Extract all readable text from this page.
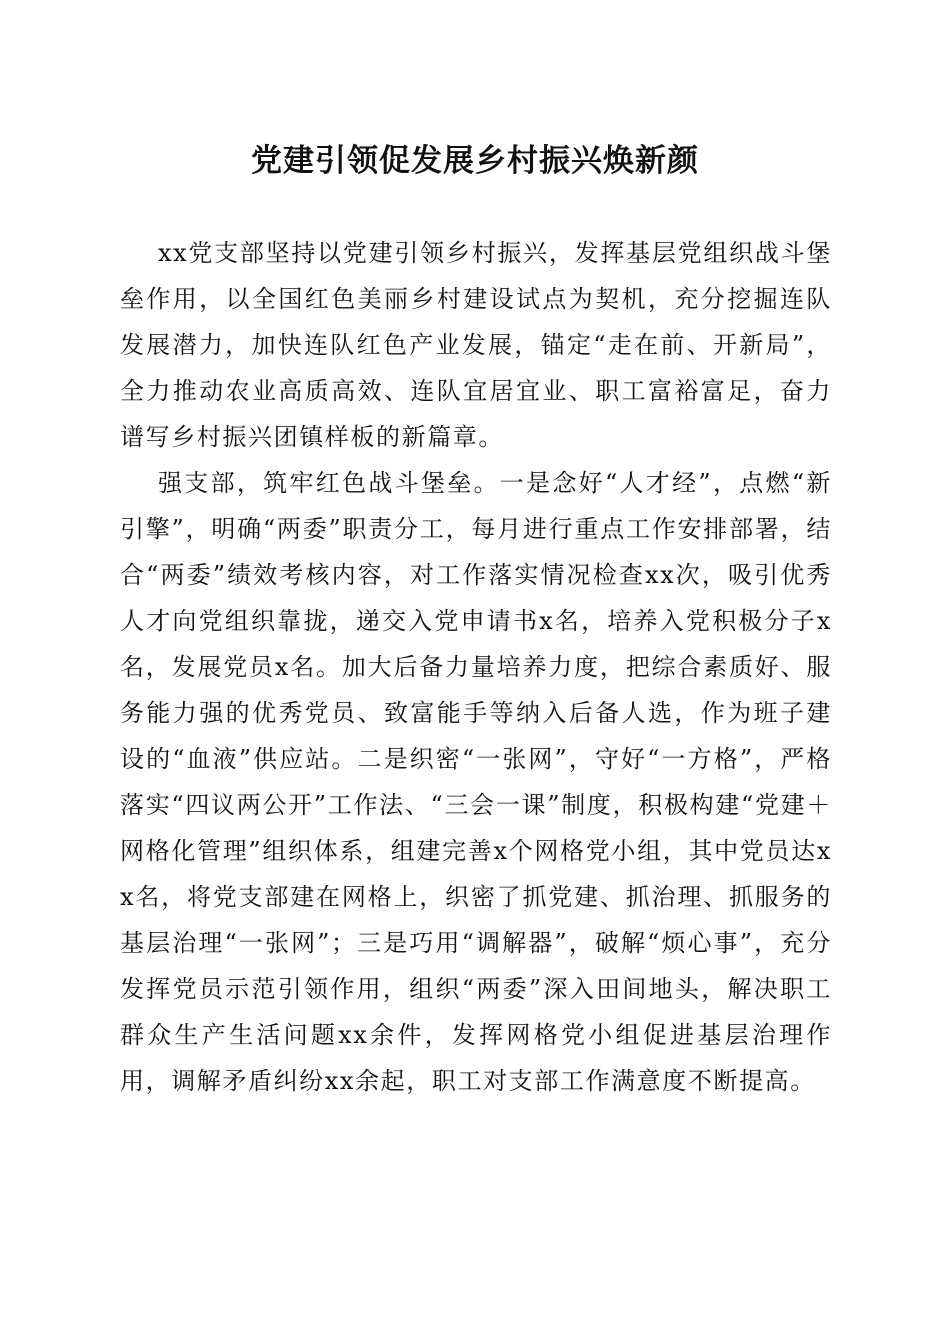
党建引领促发展乡村振兴焕新颜

xx党支部坚持以党建引领乡村振兴，发挥基层党组织战斗堡垒作用，以全国红色美丽乡村建设试点为契机，充分挖掘连队发展潜力，加快连队红色产业发展，锚定“走在前、开新局”，全力推动农业高质高效、连队宜居宜业、职工富裕富足，奋力谱写乡村振兴团镇样板的新篇章。

强支部，筑牢红色战斗堡垒。一是念好“人才经”，点燃“新引擎”，明确“两委”职责分工，每月进行重点工作安排部署，结合“两委”绩效考核内容，对工作落实情况检查xx次，吸引优秀人才向党组织靠拢，递交入党申请书x名，培养入党积极分子x名，发展党员x名。加大后备力量培养力度，把综合素质好、服务能力强的优秀党员、致富能手等纳入后备人选，作为班子建设的“血液”供应站。二是织密“一张网”，守好“一方格”，严格落实“四议两公开”工作法、“三会一课”制度，积极构建“党建＋网格化管理”组织体系，组建完善x个网格党小组，其中党员达xx名，将党支部建在网格上，织密了抓党建、抓治理、抓服务的基层治理“一张网”；三是巧用“调解器”，破解“烦心事”，充分发挥党员示范引领作用，组织“两委”深入田间地头，解决职工群众生产生活问题xx余件，发挥网格党小组促进基层治理作用，调解矛盾纠纷xx余起，职工对支部工作满意度不断提高。
